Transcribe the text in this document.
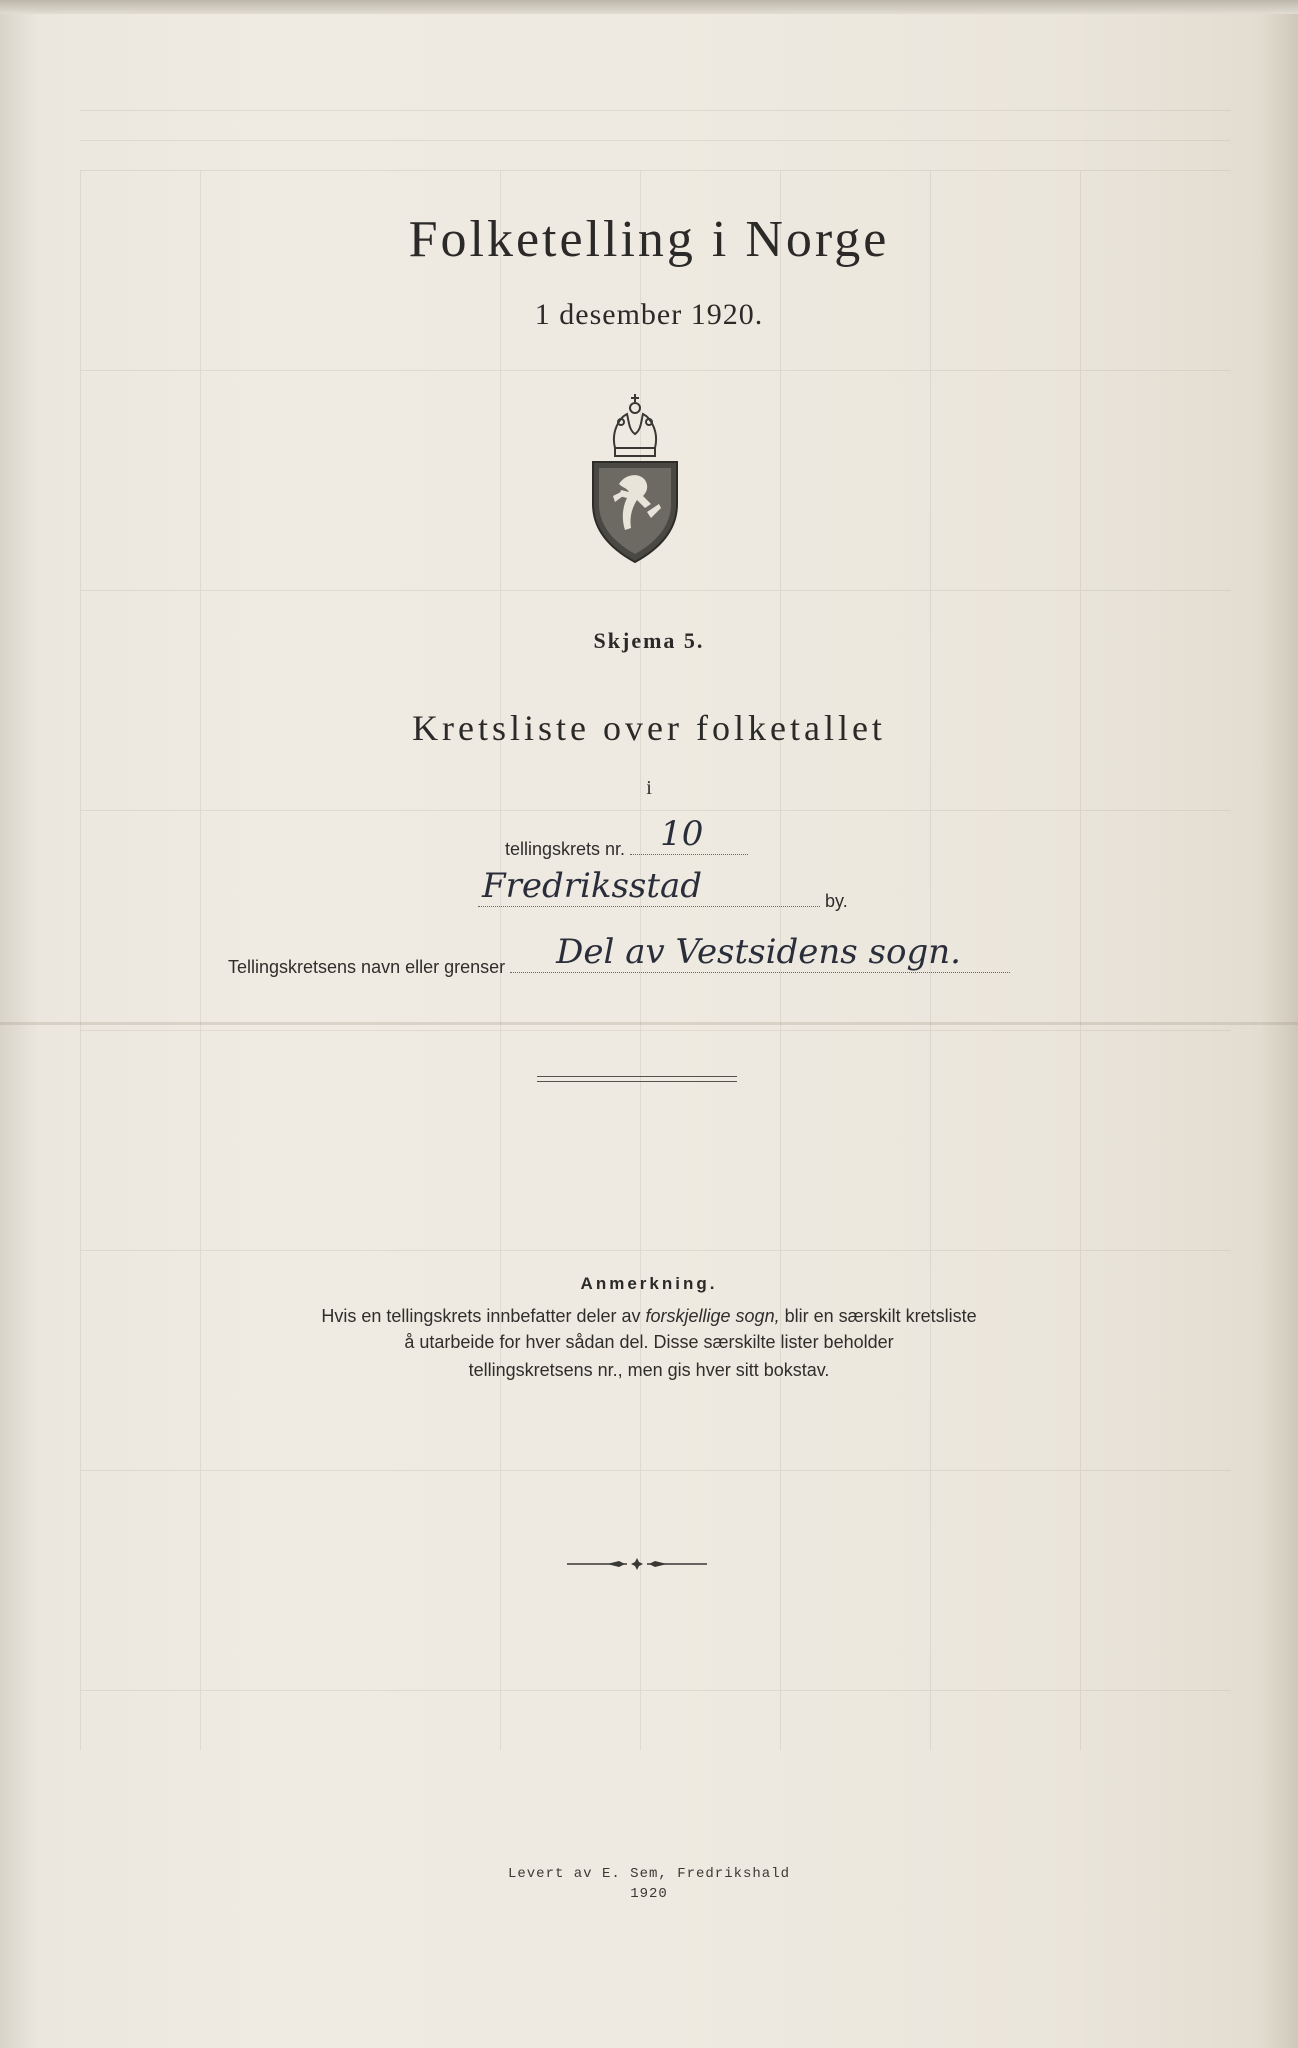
Folketelling i Norge
1 desember 1920.
Skjema 5.
Kretsliste over folketallet
i
tellingskrets nr. 10
Fredriksstad	by.
Tellingskretsens navn eller grenser Del av Vestsidens sogn.
Anmerkning.
Hvis en tellingskrets innbefatter deler av forskjellige sogn, blir en særskilt kretsliste
å utarbeide for hver sådan del. Disse særskilte lister beholder
tellingskretsens nr., men gis hver sitt bokstav.
Levert av E. Sem, Fredrikshald
1920
